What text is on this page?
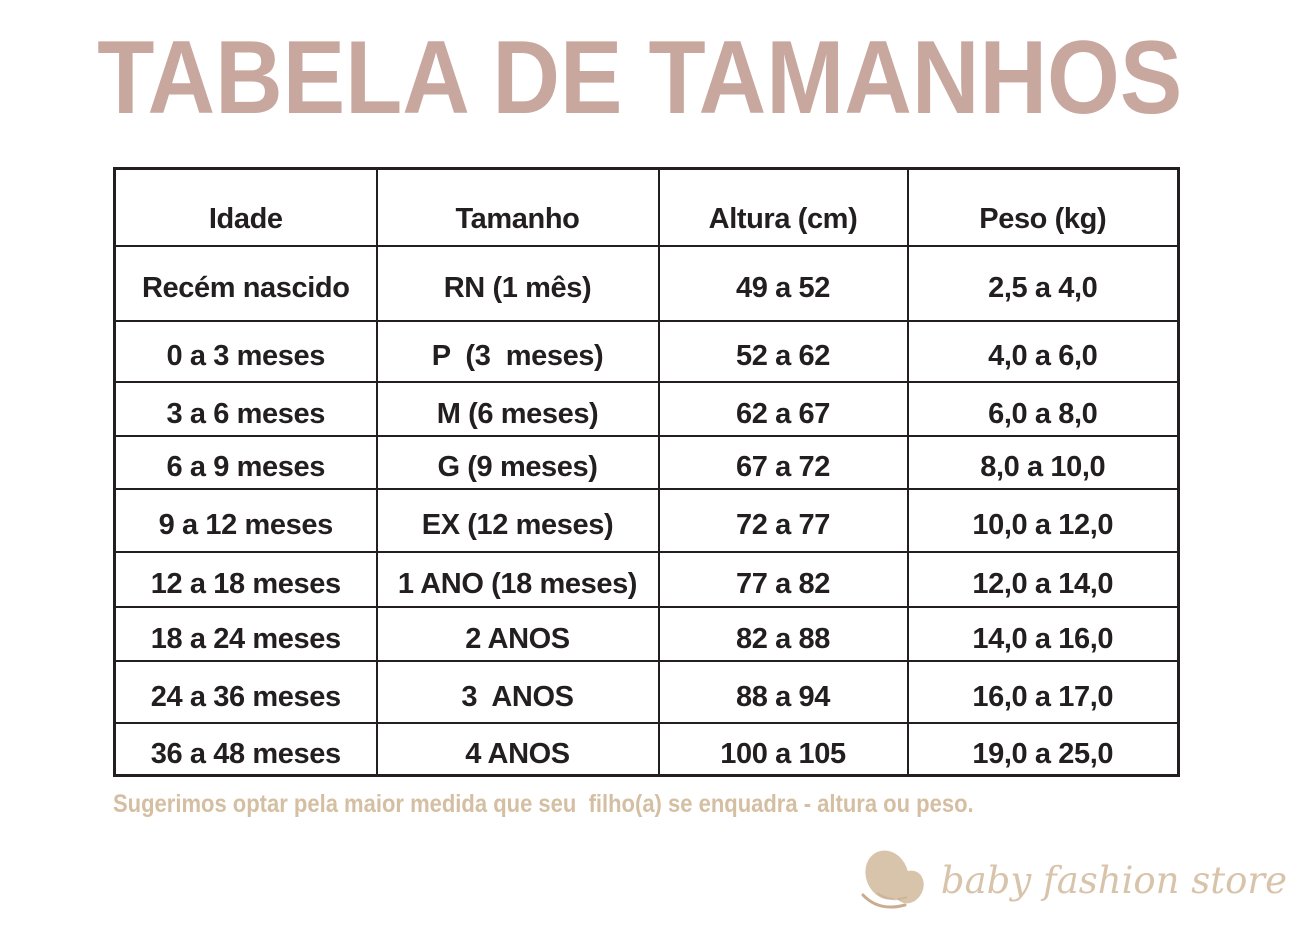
TABELA DE TAMANHOS
Idade	Tamanho	Altura (cm)	Peso (kg)
Recém nascido	RN (1 mês)	49 a 52	2,5 a 4,0
0 a 3 meses	P  (3  meses)	52 a 62	4,0 a 6,0
3 a 6 meses	M (6 meses)	62 a 67	6,0 a 8,0
6 a 9 meses	G (9 meses)	67 a 72	8,0 a 10,0
9 a 12 meses	EX (12 meses)	72 a 77	10,0 a 12,0
12 a 18 meses	1 ANO (18 meses)	77 a 82	12,0 a 14,0
18 a 24 meses	2 ANOS	82 a 88	14,0 a 16,0
24 a 36 meses	3  ANOS	88 a 94	16,0 a 17,0
36 a 48 meses	4 ANOS	100 a 105	19,0 a 25,0
Sugerimos optar pela maior medida que seu  filho(a) se enquadra - altura ou peso.
baby fashion store
